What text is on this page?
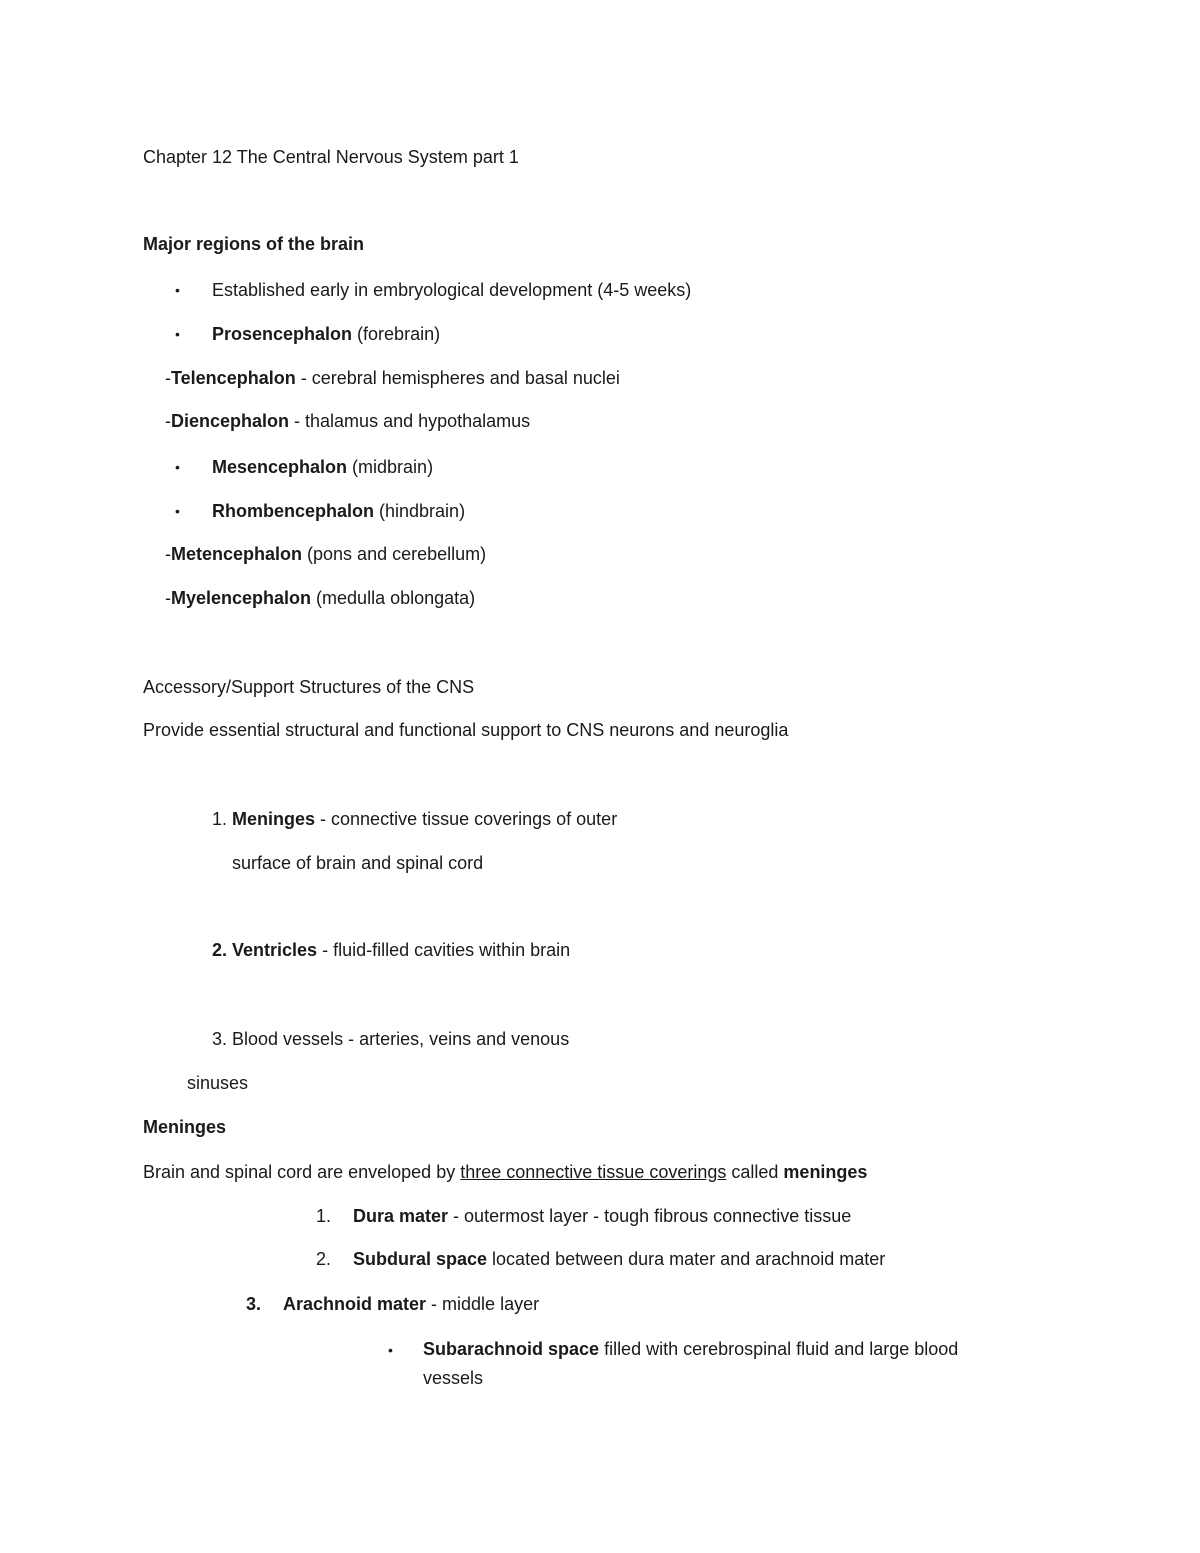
Chapter 12 The Central Nervous System part 1
Major regions of the brain
• Established early in embryological development (4-5 weeks)
• Prosencephalon (forebrain)
-Telencephalon - cerebral hemispheres and basal nuclei
-Diencephalon - thalamus and hypothalamus
• Mesencephalon (midbrain)
• Rhombencephalon (hindbrain)
-Metencephalon (pons and cerebellum)
-Myelencephalon (medulla oblongata)
Accessory/Support Structures of the CNS
Provide essential structural and functional support to CNS neurons and neuroglia
1. Meninges - connective tissue coverings of outer
surface of brain and spinal cord
2. Ventricles - fluid-filled cavities within brain
3. Blood vessels - arteries, veins and venous
sinuses
Meninges
Brain and spinal cord are enveloped by three connective tissue coverings called meninges
1. Dura mater - outermost layer - tough fibrous connective tissue
2. Subdural space located between dura mater and arachnoid mater
3. Arachnoid mater - middle layer
• Subarachnoid space filled with cerebrospinal fluid and large blood
vessels
